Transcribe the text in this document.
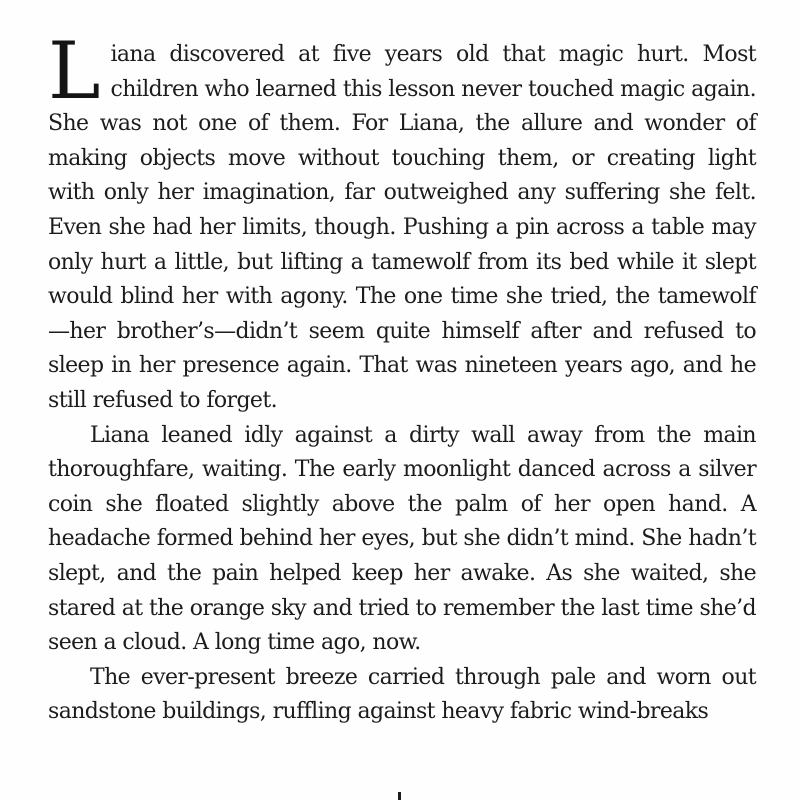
Liana discovered at five years old that magic hurt. Most children who learned this lesson never touched magic again. She was not one of them. For Liana, the allure and wonder of making objects move without touching them, or creating light with only her imagination, far outweighed any suffering she felt. Even she had her limits, though. Pushing a pin across a table may only hurt a little, but lifting a tamewolf from its bed while it slept would blind her with agony. The one time she tried, the tamewolf—her brother’s—didn’t seem quite himself after and refused to sleep in her presence again. That was nineteen years ago, and he still refused to forget.

Liana leaned idly against a dirty wall away from the main thoroughfare, waiting. The early moonlight danced across a silver coin she floated slightly above the palm of her open hand. A headache formed behind her eyes, but she didn’t mind. She hadn’t slept, and the pain helped keep her awake. As she waited, she stared at the orange sky and tried to remember the last time she’d seen a cloud. A long time ago, now.

The ever-present breeze carried through pale and worn out sandstone buildings, ruffling against heavy fabric wind-breaks
